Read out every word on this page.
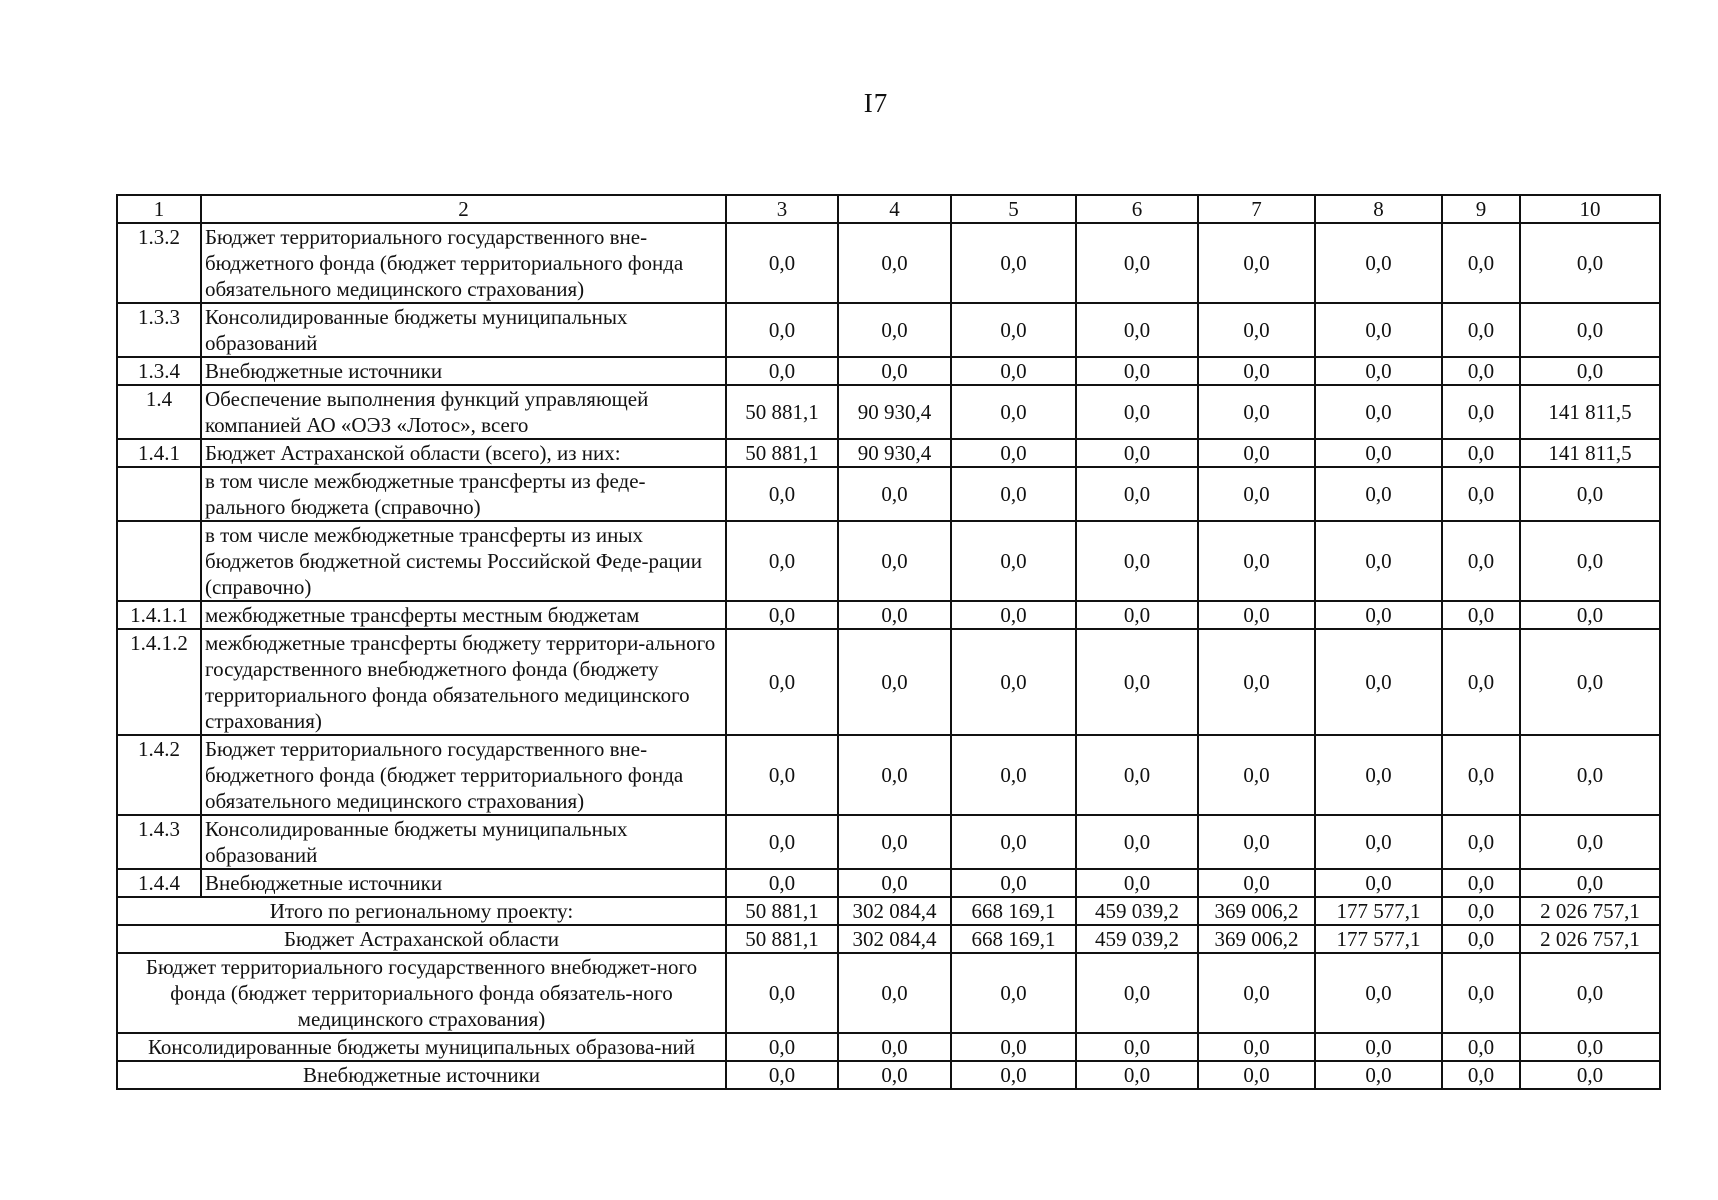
I7
1	2	3	4	5	6	7	8	9	10
1.3.2	Бюджет территориального государственного вне-бюджетного фонда (бюджет территориального фонда обязательного медицинского страхования)	0,0	0,0	0,0	0,0	0,0	0,0	0,0	0,0
1.3.3	Консолидированные бюджеты муниципальных образований	0,0	0,0	0,0	0,0	0,0	0,0	0,0	0,0
1.3.4	Внебюджетные источники	0,0	0,0	0,0	0,0	0,0	0,0	0,0	0,0
1.4	Обеспечение выполнения функций управляющей компанией АО «ОЭЗ «Лотос», всего	50 881,1	90 930,4	0,0	0,0	0,0	0,0	0,0	141 811,5
1.4.1	Бюджет Астраханской области (всего), из них:	50 881,1	90 930,4	0,0	0,0	0,0	0,0	0,0	141 811,5
	в том числе межбюджетные трансферты из феде-рального бюджета (справочно)	0,0	0,0	0,0	0,0	0,0	0,0	0,0	0,0
	в том числе межбюджетные трансферты из иных бюджетов бюджетной системы Российской Феде-рации (справочно)	0,0	0,0	0,0	0,0	0,0	0,0	0,0	0,0
1.4.1.1	межбюджетные трансферты местным бюджетам	0,0	0,0	0,0	0,0	0,0	0,0	0,0	0,0
1.4.1.2	межбюджетные трансферты бюджету территори-ального государственного внебюджетного фонда (бюджету территориального фонда обязательного медицинского страхования)	0,0	0,0	0,0	0,0	0,0	0,0	0,0	0,0
1.4.2	Бюджет территориального государственного вне-бюджетного фонда (бюджет территориального фонда обязательного медицинского страхования)	0,0	0,0	0,0	0,0	0,0	0,0	0,0	0,0
1.4.3	Консолидированные бюджеты муниципальных образований	0,0	0,0	0,0	0,0	0,0	0,0	0,0	0,0
1.4.4	Внебюджетные источники	0,0	0,0	0,0	0,0	0,0	0,0	0,0	0,0
Итого по региональному проекту:		50 881,1	302 084,4	668 169,1	459 039,2	369 006,2	177 577,1	0,0	2 026 757,1
Бюджет Астраханской области		50 881,1	302 084,4	668 169,1	459 039,2	369 006,2	177 577,1	0,0	2 026 757,1
Бюджет территориального государственного внебюджет-ного фонда (бюджет территориального фонда обязатель-ного медицинского страхования)		0,0	0,0	0,0	0,0	0,0	0,0	0,0	0,0
Консолидированные бюджеты муниципальных образова-ний		0,0	0,0	0,0	0,0	0,0	0,0	0,0	0,0
Внебюджетные источники		0,0	0,0	0,0	0,0	0,0	0,0	0,0	0,0
